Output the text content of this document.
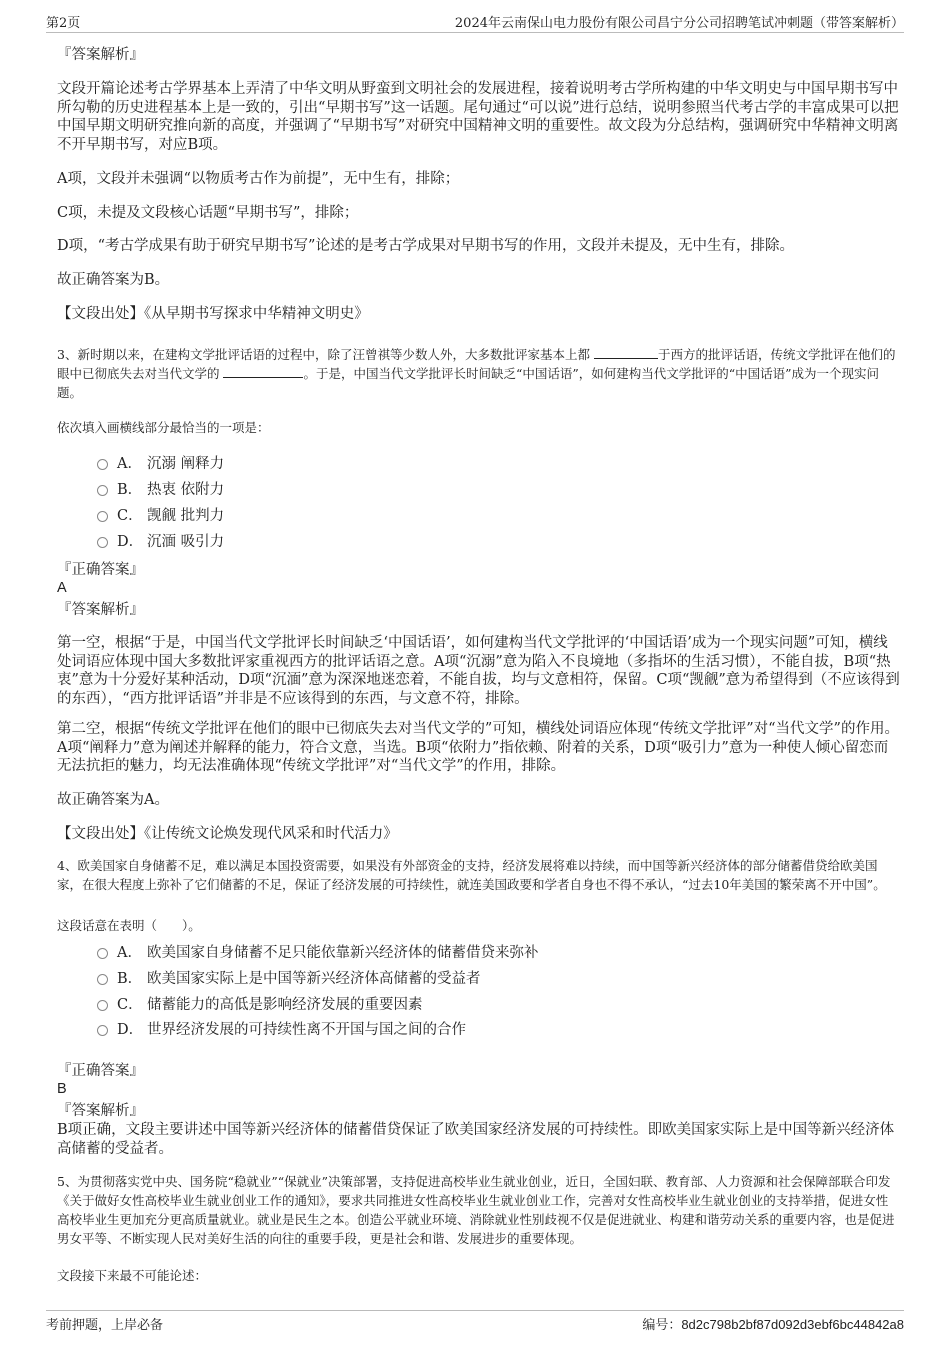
第2页	2024年云南保山电力股份有限公司昌宁分公司招聘笔试冲刺题（带答案解析）
『答案解析』
文段开篇论述考古学界基本上弄清了中华文明从野蛮到文明社会的发展进程，接着说明考古学所构建的中华文明史与中国早期书写中所勾勒的历史进程基本上是一致的，引出“早期书写”这一话题。尾句通过“可以说”进行总结，说明参照当代考古学的丰富成果可以把中国早期文明研究推向新的高度，并强调了“早期书写”对研究中国精神文明的重要性。故文段为分总结构，强调研究中华精神文明离不开早期书写，对应B项。
A项，文段并未强调“以物质考古作为前提”，无中生有，排除；
C项，未提及文段核心话题“早期书写”，排除；
D项，“考古学成果有助于研究早期书写”论述的是考古学成果对早期书写的作用，文段并未提及，无中生有，排除。
故正确答案为B。
【文段出处】《从早期书写探求中华精神文明史》
3、新时期以来，在建构文学批评话语的过程中，除了汪曾祺等少数人外，大多数批评家基本上都	于西方的批评话语，传统文学批评在他们的眼中已彻底失去对当代文学的	。于是，中国当代文学批评长时间缺乏“中国话语”，如何建构当代文学批评的“中国话语”成为一个现实问题。
依次填入画横线部分最恰当的一项是：
A． 沉溺 阐释力
B． 热衷 依附力
C． 觊觎 批判力
D． 沉湎 吸引力
『正确答案』
A
『答案解析』
第一空，根据“于是，中国当代文学批评长时间缺乏‘中国话语’，如何建构当代文学批评的‘中国话语’成为一个现实问题”可知，横线处词语应体现中国大多数批评家重视西方的批评话语之意。A项“沉溺”意为陷入不良境地（多指坏的生活习惯），不能自拔，B项“热衷”意为十分爱好某种活动，D项“沉湎”意为深深地迷恋着，不能自拔，均与文意相符，保留。C项“觊觎”意为希望得到（不应该得到的东西），“西方批评话语”并非是不应该得到的东西，与文意不符，排除。
第二空，根据“传统文学批评在他们的眼中已彻底失去对当代文学的”可知，横线处词语应体现“传统文学批评”对“当代文学”的作用。A项“阐释力”意为阐述并解释的能力，符合文意，当选。B项“依附力”指依赖、附着的关系，D项“吸引力”意为一种使人倾心留恋而无法抗拒的魅力，均无法准确体现“传统文学批评”对“当代文学”的作用，排除。
故正确答案为A。
【文段出处】《让传统文论焕发现代风采和时代活力》
4、欧美国家自身储蓄不足，难以满足本国投资需要，如果没有外部资金的支持，经济发展将难以持续，而中国等新兴经济体的部分储蓄借贷给欧美国家，在很大程度上弥补了它们储蓄的不足，保证了经济发展的可持续性，就连美国政要和学者自身也不得不承认，“过去10年美国的繁荣离不开中国”。
这段话意在表明（　　）。
A． 欧美国家自身储蓄不足只能依靠新兴经济体的储蓄借贷来弥补
B． 欧美国家实际上是中国等新兴经济体高储蓄的受益者
C． 储蓄能力的高低是影响经济发展的重要因素
D． 世界经济发展的可持续性离不开国与国之间的合作
『正确答案』
B
『答案解析』
B项正确，文段主要讲述中国等新兴经济体的储蓄借贷保证了欧美国家经济发展的可持续性。即欧美国家实际上是中国等新兴经济体高储蓄的受益者。
5、为贯彻落实党中央、国务院“稳就业”“保就业”决策部署，支持促进高校毕业生就业创业，近日，全国妇联、教育部、人力资源和社会保障部联合印发《关于做好女性高校毕业生就业创业工作的通知》，要求共同推进女性高校毕业生就业创业工作，完善对女性高校毕业生就业创业的支持举措，促进女性高校毕业生更加充分更高质量就业。就业是民生之本。创造公平就业环境、消除就业性别歧视不仅是促进就业、构建和谐劳动关系的重要内容，也是促进男女平等、不断实现人民对美好生活的向往的重要手段，更是社会和谐、发展进步的重要体现。
文段接下来最不可能论述：
考前押题，上岸必备	编号：8d2c798b2bf87d092d3ebf6bc44842a8
